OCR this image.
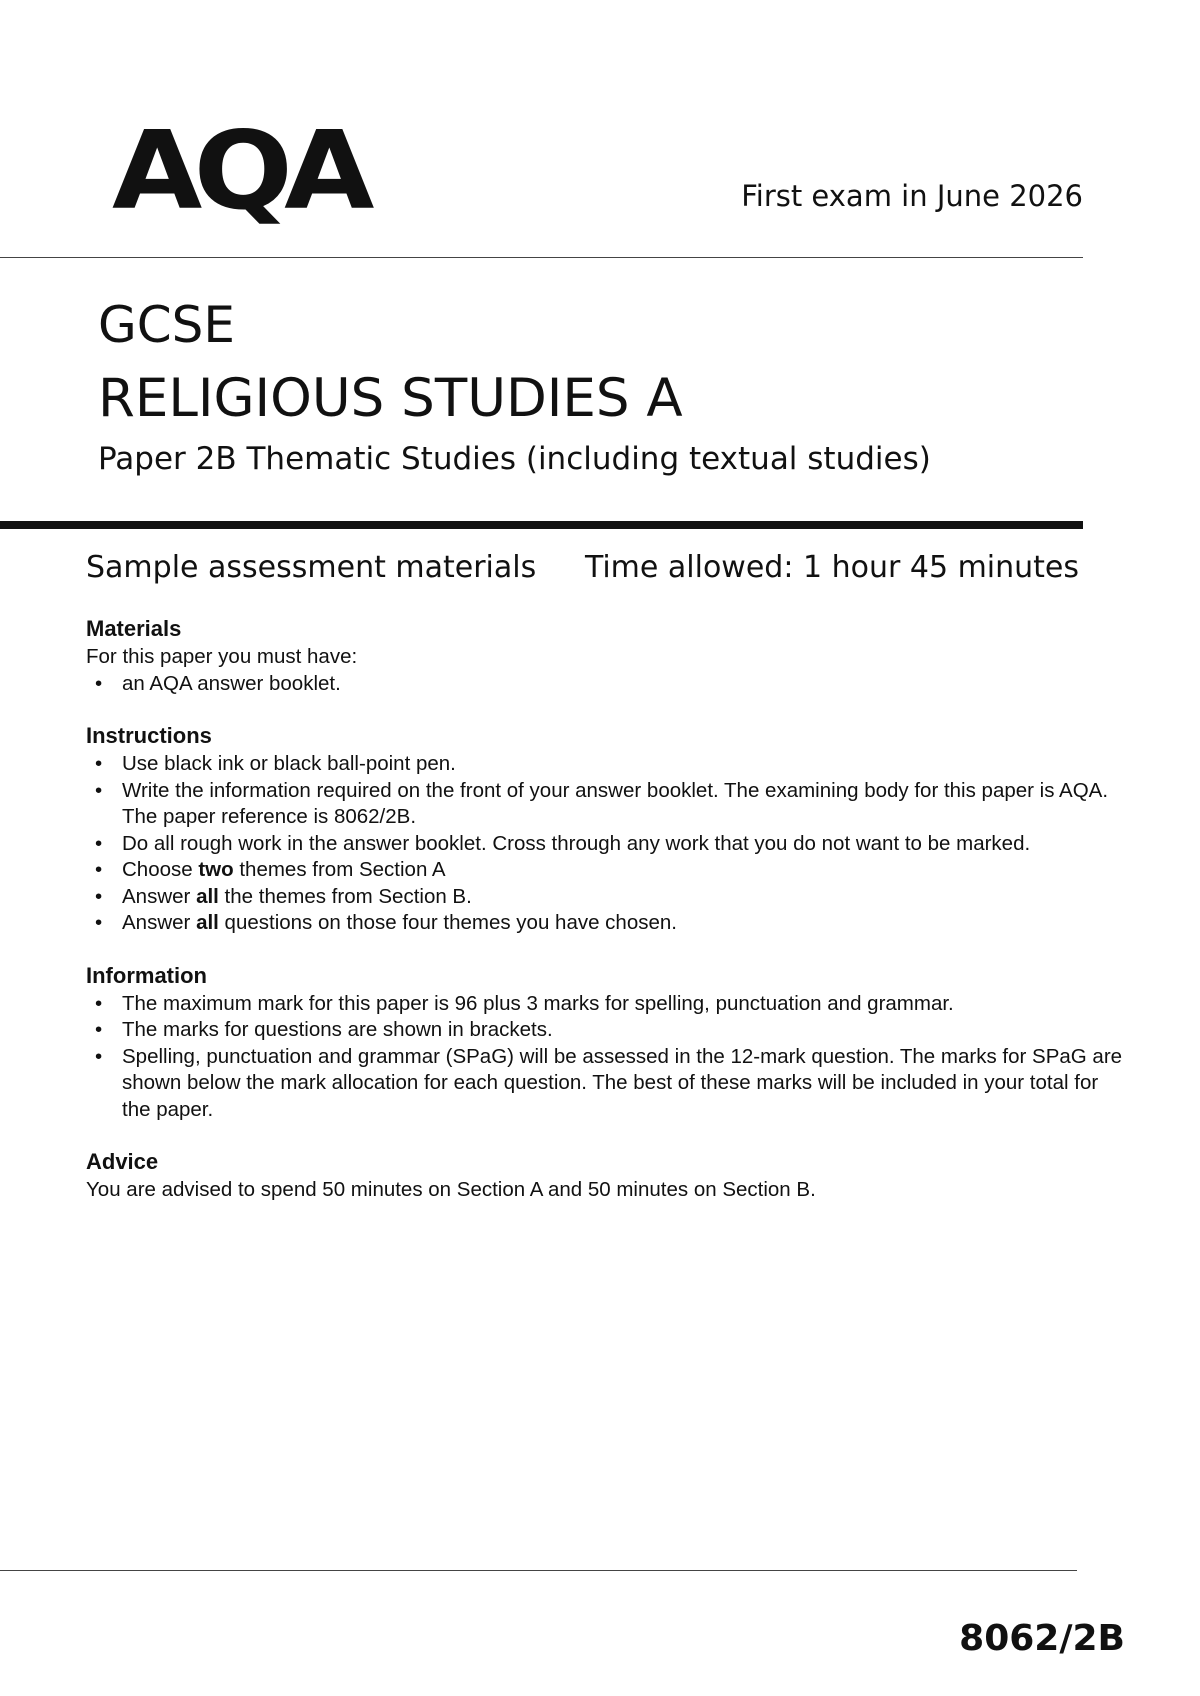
AQA	First exam in June 2026
GCSE
RELIGIOUS STUDIES A
Paper 2B Thematic Studies (including textual studies)
Sample assessment materials Time allowed: 1 hour 45 minutes
Materials

For this paper you must have:

• an AQA answer booklet.
Instructions
• Use black ink or black ball-point pen.
• Write the information required on the front of your answer booklet. The examining body for this paper is AQA. The paper reference is 8062/2B.
• Do all rough work in the answer booklet. Cross through any work that you do not want to be marked.
• Choose two themes from Section A
• Answer all the themes from Section B.
• Answer all questions on those four themes you have chosen.
Information
• The maximum mark for this paper is 96 plus 3 marks for spelling, punctuation and grammar.
• The marks for questions are shown in brackets.
• Spelling, punctuation and grammar (SPaG) will be assessed in the 12-mark question. The marks for SPaG are shown below the mark allocation for each question. The best of these marks will be included in your total for the paper.
Advice

You are advised to spend 50 minutes on Section A and 50 minutes on Section B.

8062/2B
